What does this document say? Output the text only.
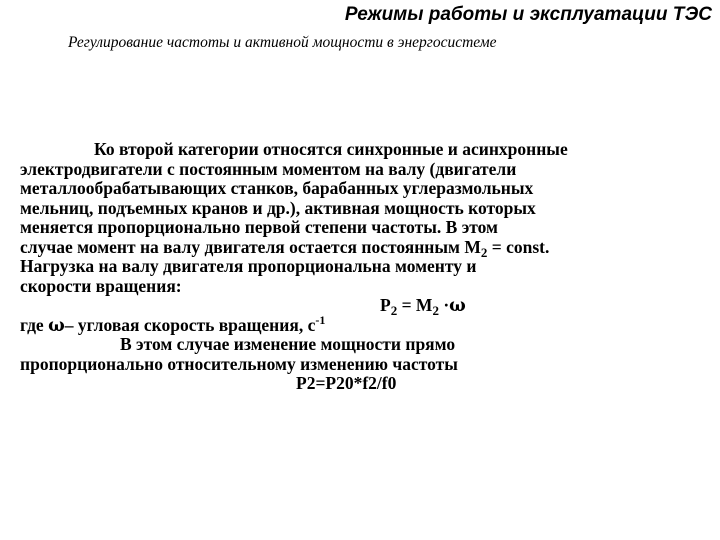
Режимы работы и эксплуатации ТЭС
Регулирование частоты и активной мощности в энергосистеме
Ко второй категории относятся синхронные и асинхронные
электродвигатели с постоянным моментом на валу (двигатели
металлообрабатывающих станков, барабанных углеразмольных
мельниц, подъемных кранов и др.), активная мощность которых
меняется пропорционально первой степени частоты. В этом
случае момент на валу двигателя остается постоянным $М_2$ = const.
Нагрузка на валу двигателя пропорциональна моменту и
скорости вращения:
$P_2 = М_2 \cdot\omega$
где ω– угловая скорость вращения, $с^{-1}$
В этом случае изменение мощности прямо
пропорционально относительному изменению частоты
Р2=Р20*f2/f0
